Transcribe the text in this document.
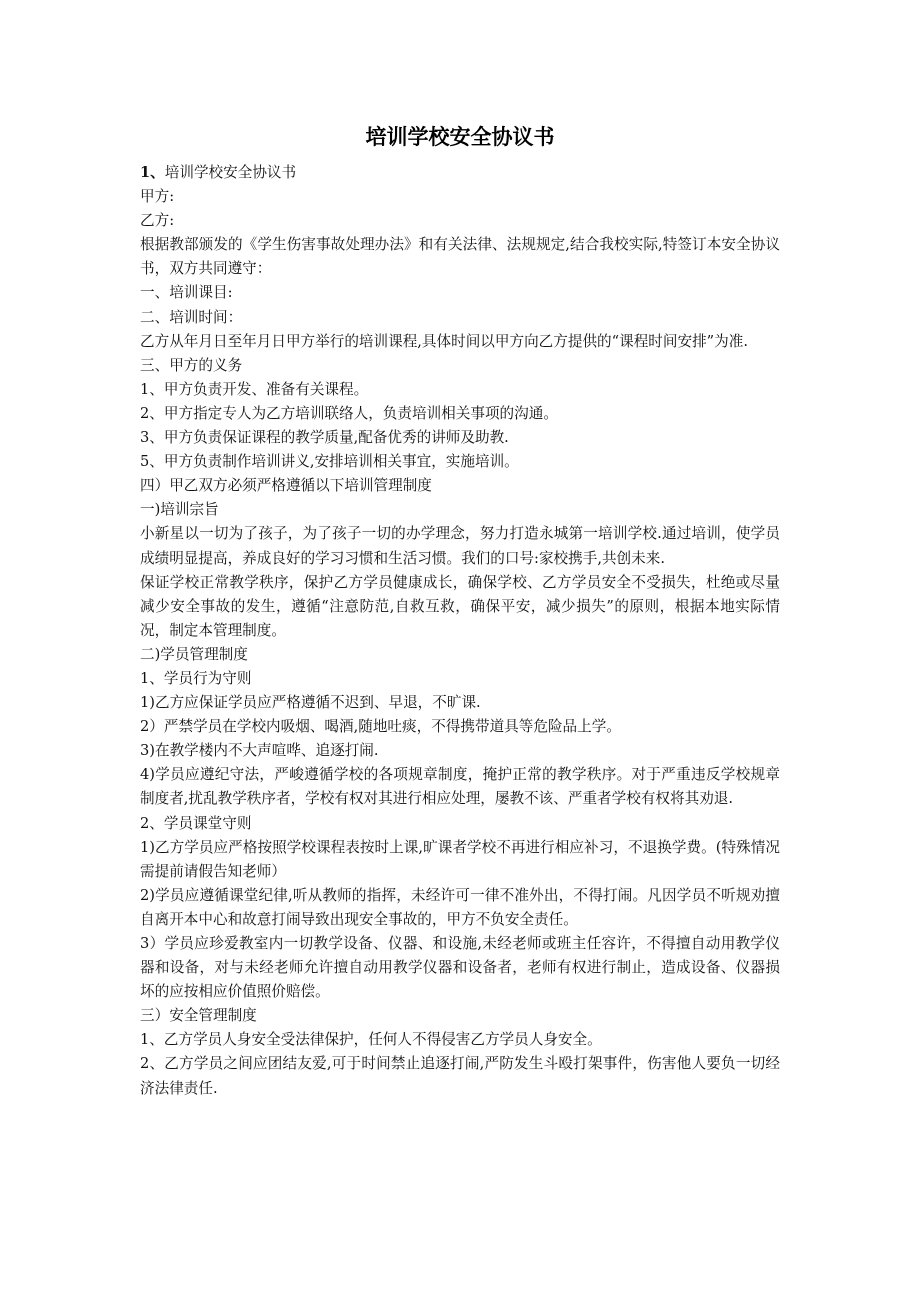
培训学校安全协议书

1、培训学校安全协议书

甲方:

乙方:

根据教部颁发的《学生伤害事故处理办法》和有关法律、法规规定,结合我校实际,特签订本安全协议书，双方共同遵守：

一、培训课目:

二、培训时间：

乙方从年月日至年月日甲方举行的培训课程,具体时间以甲方向乙方提供的“课程时间安排”为准.

三、甲方的义务

1、甲方负责开发、准备有关课程。

2、甲方指定专人为乙方培训联络人，负责培训相关事项的沟通。

3、甲方负责保证课程的教学质量,配备优秀的讲师及助教.

5、甲方负责制作培训讲义,安排培训相关事宜，实施培训。

四）甲乙双方必须严格遵循以下培训管理制度

一)培训宗旨

小新星以一切为了孩子，为了孩子一切的办学理念，努力打造永城第一培训学校.通过培训，使学员成绩明显提高，养成良好的学习习惯和生活习惯。我们的口号:家校携手,共创未来.

保证学校正常教学秩序，保护乙方学员健康成长，确保学校、乙方学员安全不受损失，杜绝或尽量减少安全事故的发生，遵循“注意防范,自救互救，确保平安，减少损失”的原则，根据本地实际情况，制定本管理制度。

二)学员管理制度

1、学员行为守则

1)乙方应保证学员应严格遵循不迟到、早退，不旷课.

2）严禁学员在学校内吸烟、喝酒,随地吐痰，不得携带道具等危险品上学。

3)在教学楼内不大声喧哗、追逐打闹.

4)学员应遵纪守法，严峻遵循学校的各项规章制度，掩护正常的教学秩序。对于严重违反学校规章制度者,扰乱教学秩序者，学校有权对其进行相应处理，屡教不该、严重者学校有权将其劝退.

2、学员课堂守则

1)乙方学员应严格按照学校课程表按时上课,旷课者学校不再进行相应补习，不退换学费。(特殊情况需提前请假告知老师）

2)学员应遵循课堂纪律,听从教师的指挥，未经许可一律不准外出，不得打闹。凡因学员不听规劝擅自离开本中心和故意打闹导致出现安全事故的，甲方不负安全责任。

3）学员应珍爱教室内一切教学设备、仪器、和设施,未经老师或班主任容许，不得擅自动用教学仪器和设备，对与未经老师允许擅自动用教学仪器和设备者，老师有权进行制止，造成设备、仪器损坏的应按相应价值照价赔偿。

三）安全管理制度

1、乙方学员人身安全受法律保护，任何人不得侵害乙方学员人身安全。

2、乙方学员之间应团结友爱,可于时间禁止追逐打闹,严防发生斗殴打架事件，伤害他人要负一切经济法律责任.
